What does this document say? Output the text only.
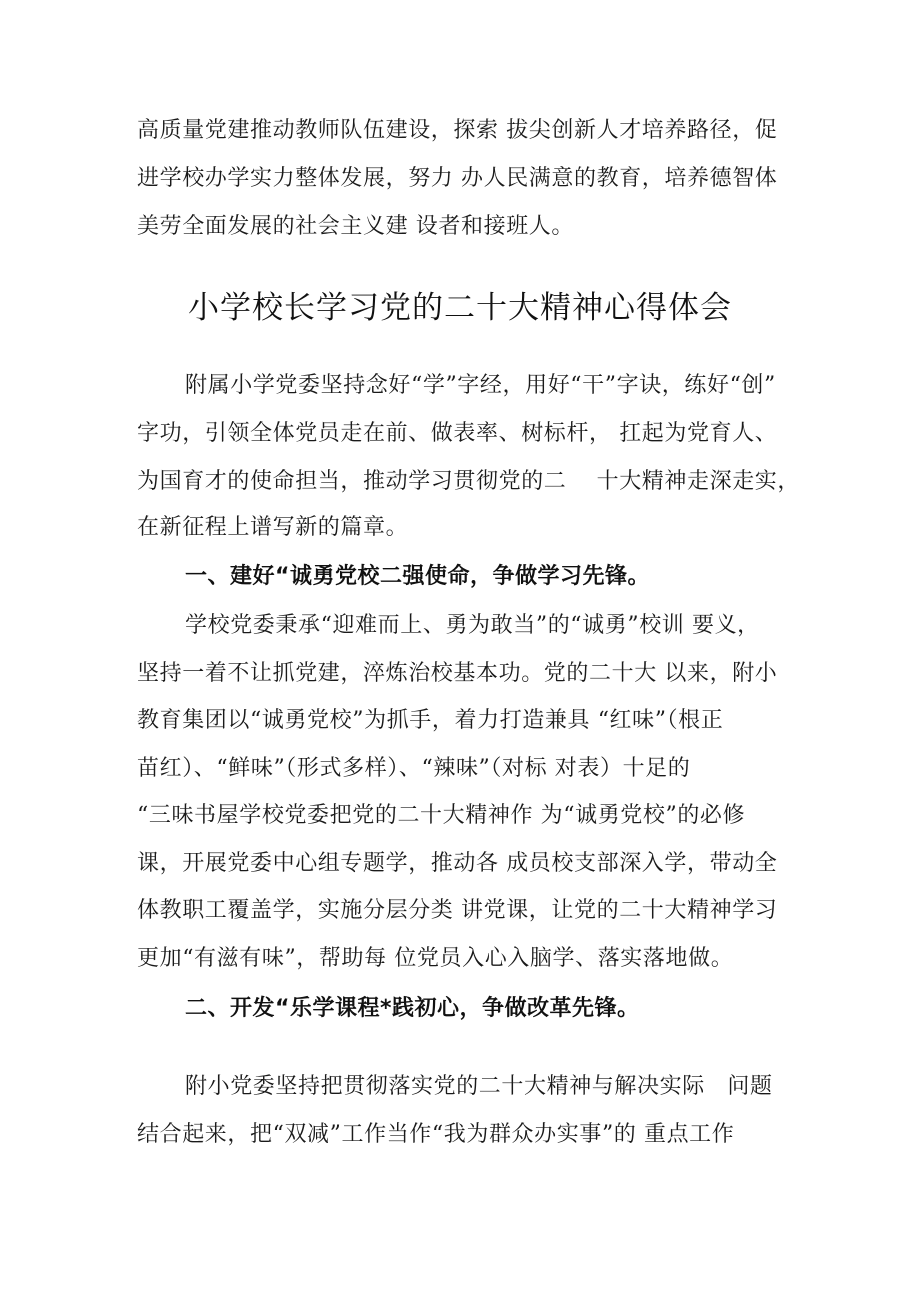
高质量党建推动教师队伍建设，探索 拔尖创新人才培养路径，促
进学校办学实力整体发展，努力 办人民满意的教育，培养德智体
美劳全面发展的社会主义建 设者和接班人。
小学校长学习党的二十大精神心得体会
附属小学党委坚持念好“学”字经，用好“干”字诀，练好“创”
字功，引领全体党员走在前、做表率、树标杆， 扛起为党育人、
为国育才的使命担当，推动学习贯彻党的二　 十大精神走深走实，
在新征程上谱写新的篇章。
一、建好“诚勇党校二强使命，争做学习先锋。
学校党委秉承“迎难而上、勇为敢当”的“诚勇”校训 要义，
坚持一着不让抓党建，淬炼治校基本功。党的二十大 以来，附小
教育集团以“诚勇党校”为抓手，着力打造兼具 “红味”（根正
苗红）、“鲜味”（形式多样）、“辣味”（对标 对表）十足的
“三味书屋学校党委把党的二十大精神作 为“诚勇党校”的必修
课，开展党委中心组专题学，推动各 成员校支部深入学，带动全
体教职工覆盖学，实施分层分类 讲党课，让党的二十大精神学习
更加“有滋有味”，帮助每 位党员入心入脑学、落实落地做。
二、开发“乐学课程*践初心，争做改革先锋。
附小党委坚持把贯彻落实党的二十大精神与解决实际　问题
结合起来，把“双减”工作当作“我为群众办实事”的 重点工作
